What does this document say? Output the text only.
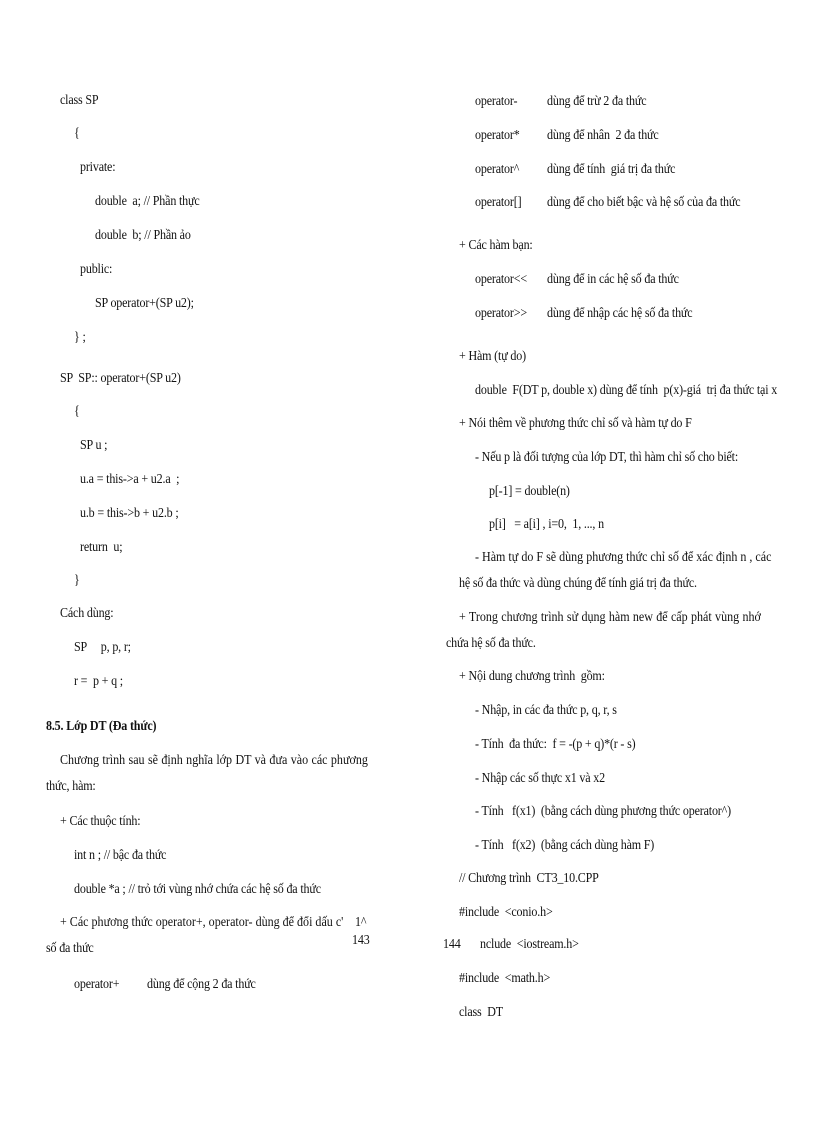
class SP
{
private:
double  a; // Phần thực
double  b; // Phần ảo
public:
SP operator+(SP u2);
} ;
SP  SP:: operator+(SP u2)
{
SP u ;
u.a = this->a + u2.a  ;
u.b = this->b + u2.b ;
return  u;
}
Cách dùng:
SP     p, p, r;
r =  p + q ;
8.5. Lớp DT (Đa thức)
Chương trình sau sẽ định nghĩa lớp DT và đưa vào các phương
thức, hàm:
+ Các thuộc tính:
int n ; // bậc đa thức
double *a ; // trỏ tới vùng nhớ chứa các hệ số đa thức
+ Các phương thức operator+, operator- dùng để đổi dấu c' 1^
số đa thức
143
operator+ dùng để cộng 2 đa thức
operator- dùng để trừ 2 đa thức
operator* dùng để nhân  2 đa thức
operator^ dùng để tính  giá trị đa thức
operator[] dùng để cho biết bậc và hệ số của đa thức
+ Các hàm bạn:
operator<< dùng để in các hệ số đa thức
operator>> dùng để nhập các hệ số đa thức
+ Hàm (tự do)
double  F(DT p, double x) dùng để tính  p(x)-giá  trị đa thức tại x
+ Nói thêm về phương thức chỉ số và hàm tự do F
- Nếu p là đối tượng của lớp DT, thì hàm chỉ số cho biết:
p[-1] = double(n)
p[i]   = a[i] , i=0,  1, ..., n
- Hàm tự do F sẽ dùng phương thức chỉ số để xác định n , các
hệ số đa thức và dùng chúng để tính giá trị đa thức.
+ Trong chương trình sử dụng hàm new để cấp phát vùng nhớ
chứa hệ số đa thức.
+ Nội dung chương trình  gồm:
- Nhập, in các đa thức p, q, r, s
- Tính  đa thức:  f = -(p + q)*(r - s)
- Nhập các số thực x1 và x2
- Tính   f(x1)  (bằng cách dùng phương thức operator^)
- Tính   f(x2)  (bằng cách dùng hàm F)
// Chương trình  CT3_10.CPP
#include  <conio.h>
144 nclude  <iostream.h>
#include  <math.h>
class  DT
